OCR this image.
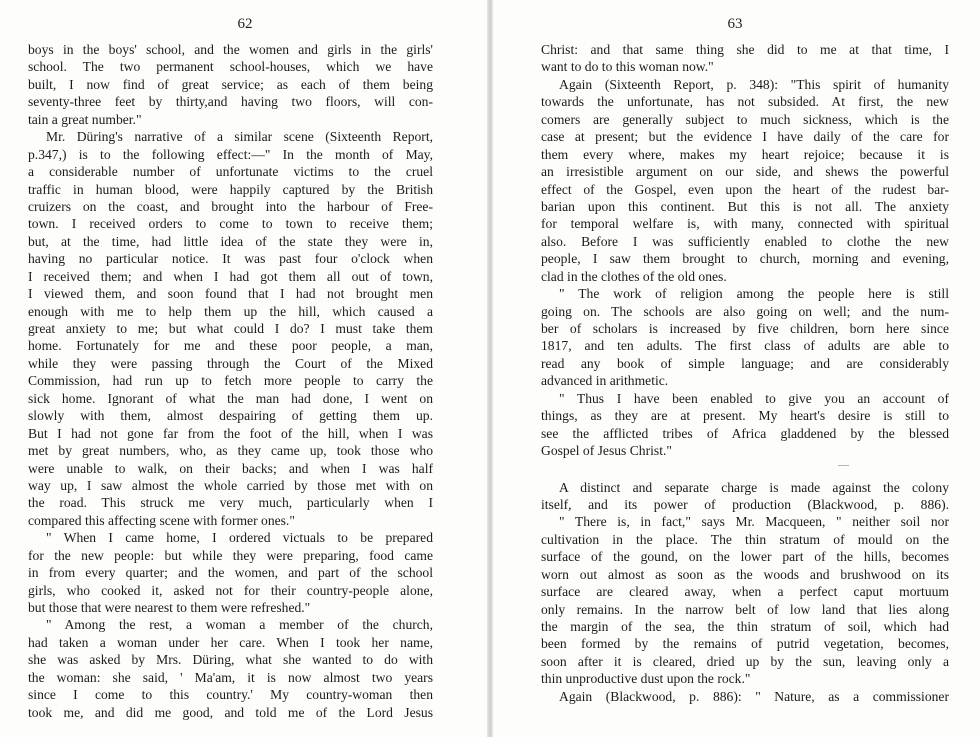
62
boys in the boys' school, and the women and girls in the girls'
school. The two permanent school-houses, which we have
built, I now find of great service; as each of them being
seventy-three feet by thirty,and having two floors, will con-
tain a great number."
Mr. Düring's narrative of a similar scene (Sixteenth Report,
p.347,) is to the following effect:—" In the month of May,
a considerable number of unfortunate victims to the cruel
traffic in human blood, were happily captured by the British
cruizers on the coast, and brought into the harbour of Free-
town. I received orders to come to town to receive them;
but, at the time, had little idea of the state they were in,
having no particular notice. It was past four o'clock when
I received them; and when I had got them all out of town,
I viewed them, and soon found that I had not brought men
enough with me to help them up the hill, which caused a
great anxiety to me; but what could I do? I must take them
home. Fortunately for me and these poor people, a man,
while they were passing through the Court of the Mixed
Commission, had run up to fetch more people to carry the
sick home. Ignorant of what the man had done, I went on
slowly with them, almost despairing of getting them up.
But I had not gone far from the foot of the hill, when I was
met by great numbers, who, as they came up, took those who
were unable to walk, on their backs; and when I was half
way up, I saw almost the whole carried by those met with on
the road. This struck me very much, particularly when I
compared this affecting scene with former ones."
" When I came home, I ordered victuals to be prepared
for the new people: but while they were preparing, food came
in from every quarter; and the women, and part of the school
girls, who cooked it, asked not for their country-people alone,
but those that were nearest to them were refreshed."
" Among the rest, a woman a member of the church,
had taken a woman under her care. When I took her name,
she was asked by Mrs. Düring, what she wanted to do with
the woman: she said, ' Ma'am, it is now almost two years
since I come to this country.' My country-woman then
took me, and did me good, and told me of the Lord Jesus
63
Christ: and that same thing she did to me at that time, I
want to do to this woman now."
Again (Sixteenth Report, p. 348): "This spirit of humanity
towards the unfortunate, has not subsided. At first, the new
comers are generally subject to much sickness, which is the
case at present; but the evidence I have daily of the care for
them every where, makes my heart rejoice; because it is
an irresistible argument on our side, and shews the powerful
effect of the Gospel, even upon the heart of the rudest bar-
barian upon this continent. But this is not all. The anxiety
for temporal welfare is, with many, connected with spiritual
also. Before I was sufficiently enabled to clothe the new
people, I saw them brought to church, morning and evening,
clad in the clothes of the old ones.
" The work of religion among the people here is still
going on. The schools are also going on well; and the num-
ber of scholars is increased by five children, born here since
1817, and ten adults. The first class of adults are able to
read any book of simple language; and are considerably
advanced in arithmetic.
" Thus I have been enabled to give you an account of
things, as they are at present. My heart's desire is still to
see the afflicted tribes of Africa gladdened by the blessed
Gospel of Jesus Christ."
—
A distinct and separate charge is made against the colony
itself, and its power of production (Blackwood, p. 886).
" There is, in fact," says Mr. Macqueen, " neither soil nor
cultivation in the place. The thin stratum of mould on the
surface of the gound, on the lower part of the hills, becomes
worn out almost as soon as the woods and brushwood on its
surface are cleared away, when a perfect caput mortuum
only remains. In the narrow belt of low land that lies along
the margin of the sea, the thin stratum of soil, which had
been formed by the remains of putrid vegetation, becomes,
soon after it is cleared, dried up by the sun, leaving only a
thin unproductive dust upon the rock."
Again (Blackwood, p. 886): " Nature, as a commissioner
